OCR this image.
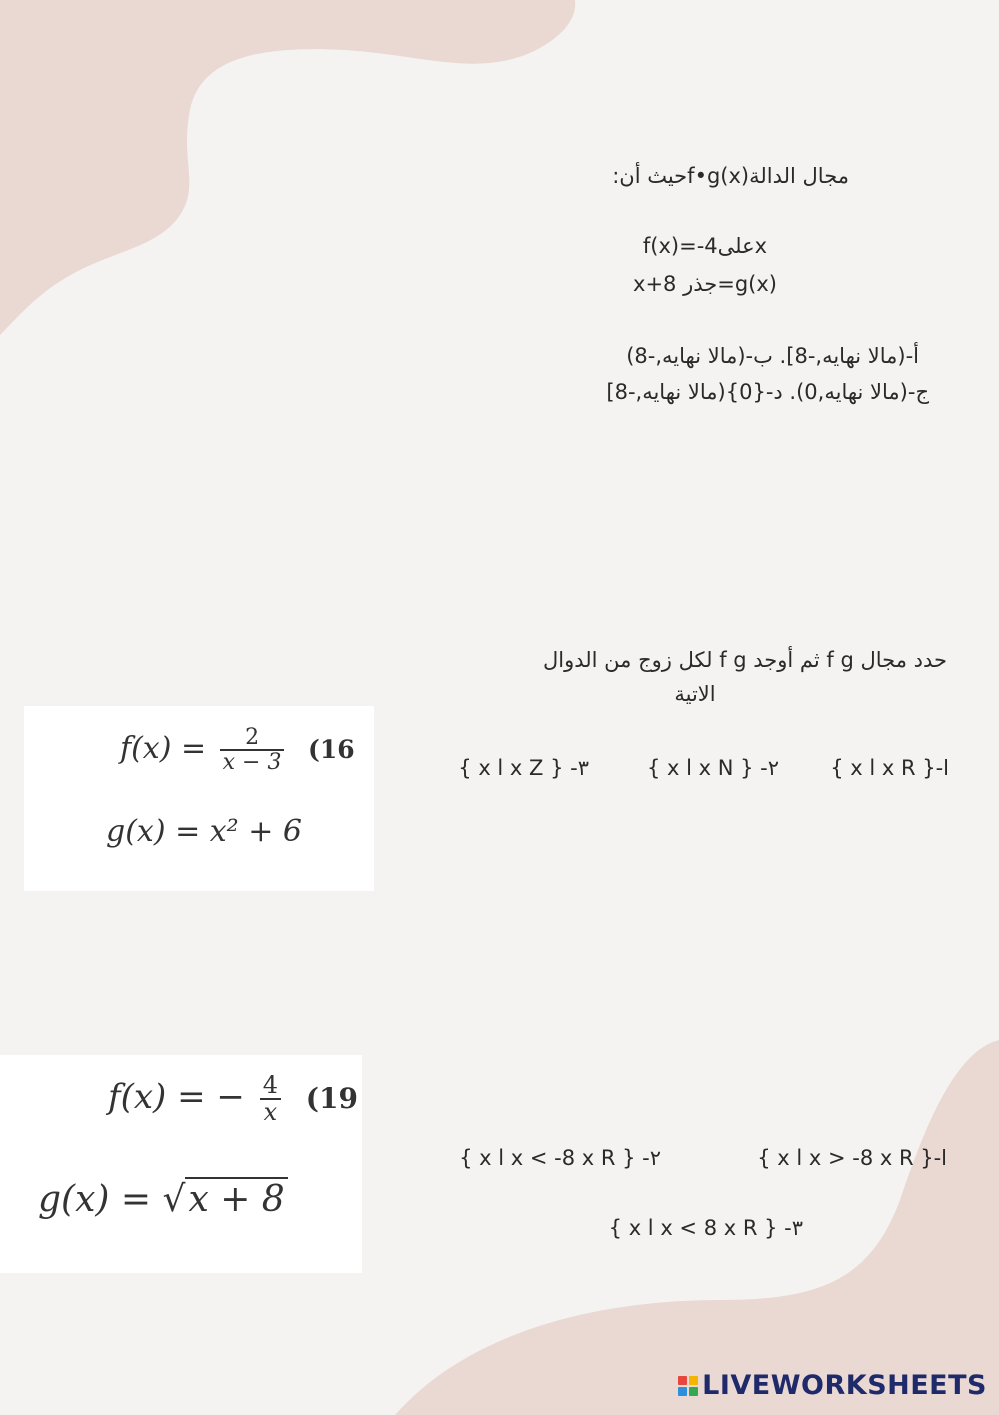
مجال الدالةf•g(x)حيث أن:
f(x)=-4علىx
g(x)=جذر x+8
أ-(مالا نهايه,-8]. ب-(مالا نهايه,-8)
ج-(مالا نهايه,0). د-{0}(مالا نهايه,-8]
حدد مجال f g ثم أوجد f g لكل زوج من الدوال
الاتية
ا-{ x l x R }
٢- { x l x N }
٣- { x l x Z }
$f(x) = \frac{2}{x - 3} (16$
g(x) = x² + 6
f(x) = − $\frac{4}{x} (19$
g(x) = √x + 8
ا-{ x l x > -8 x R }
٢- { x l x < -8 x R }
٣- { x l x < 8 x R }
LIVEWORKSHEETS
